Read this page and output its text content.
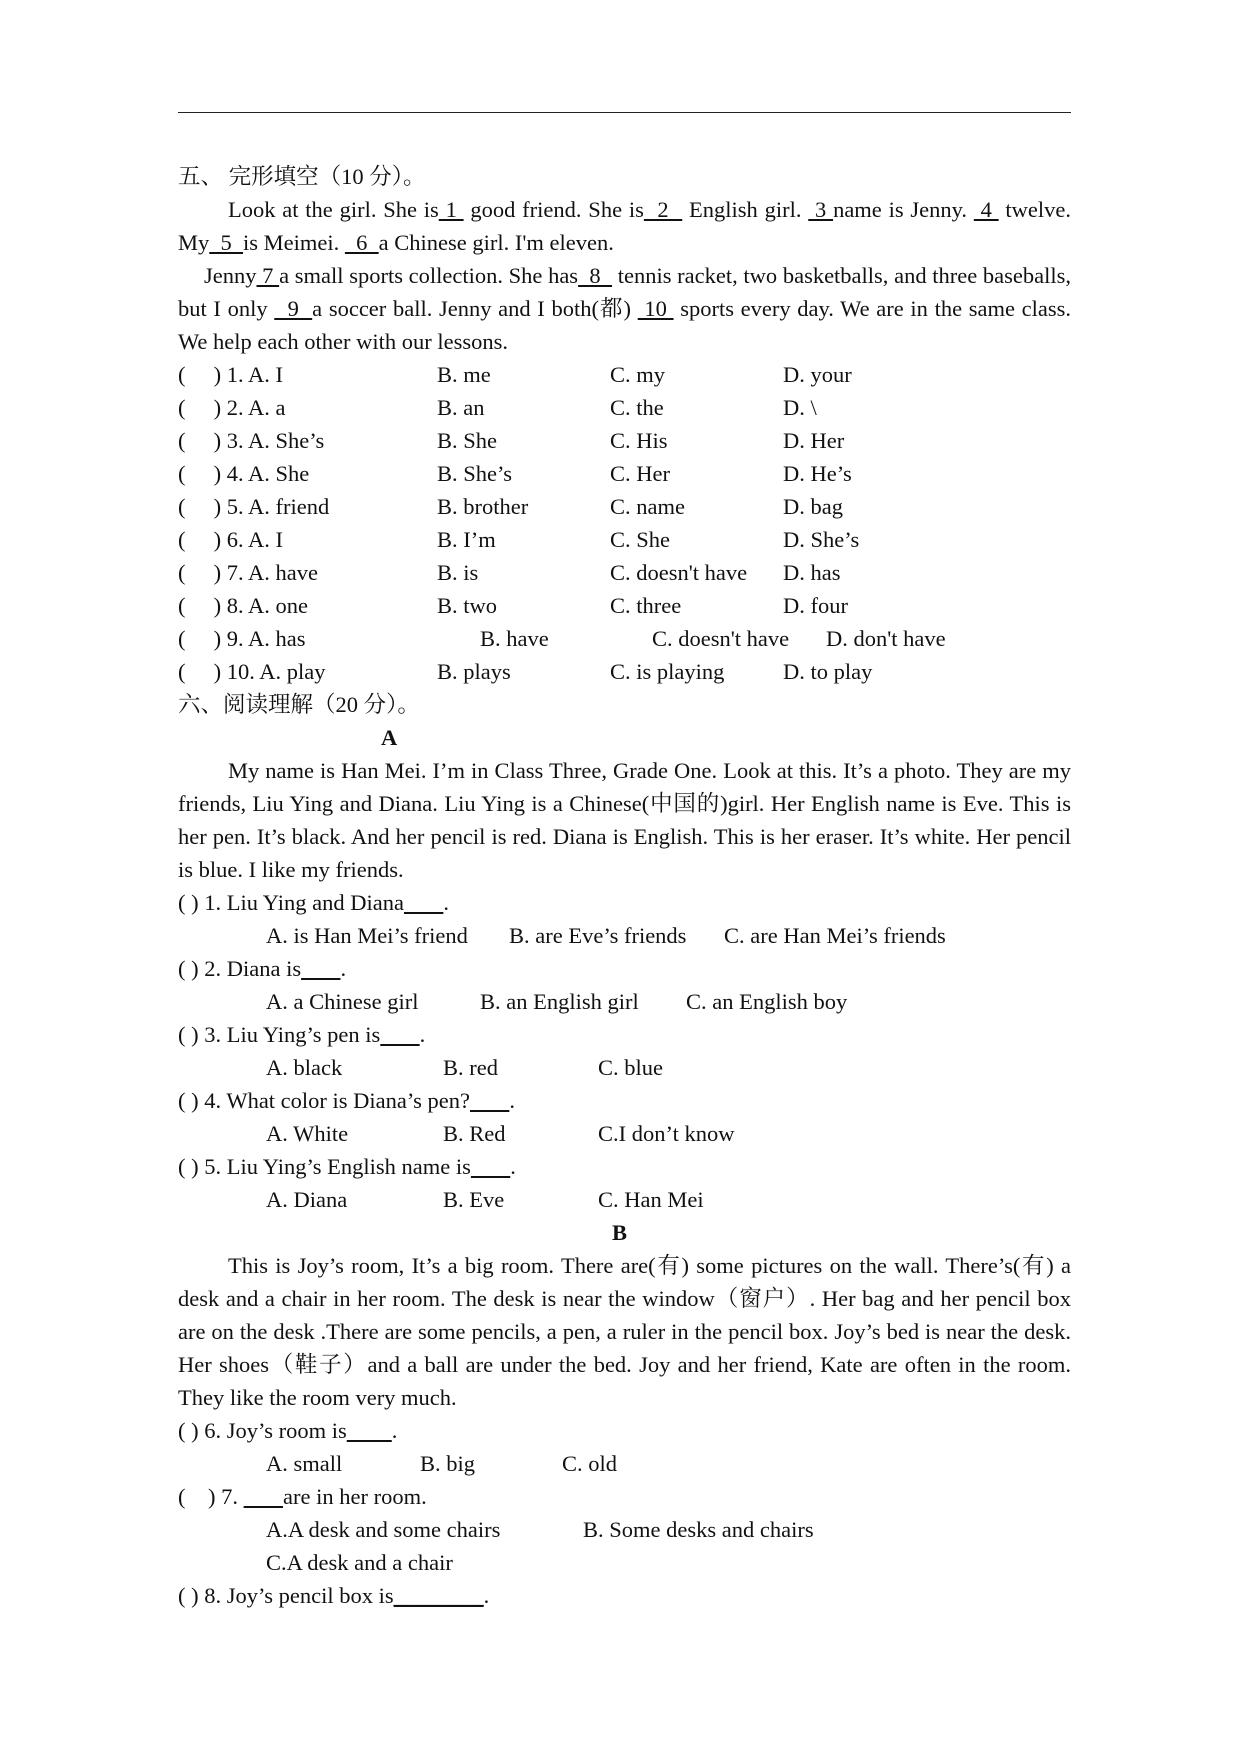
五、 完形填空（10 分）。
Look at the girl. She is 1  good friend. She is  2   English girl.  3 name is Jenny.  4  twelve. My  5  is Meimei.   6  a Chinese girl. I'm eleven.
Jenny 7 a small sports collection. She has  8   tennis racket, two basketballs, and three baseballs, but I only   9  a soccer ball. Jenny and I both(都)  10  sports every day. We are in the same class. We help each other with our lessons.
(     ) 1. A. I	B. me	C. my	D. your
(     ) 2. A. a	B. an	C. the	D. \
(     ) 3. A. She’s	B. She	C. His	D. Her
(     ) 4. A. She	B. She’s	C. Her	D. He’s
(     ) 5. A. friend	B. brother	C. name	D. bag
(     ) 6. A. I	B. I’m	C. She	D. She’s
(     ) 7. A. have	B. is	C. doesn't have D. has
(     ) 8. A. one	B. two	C. three	D. four
(     ) 9. A. has	B. have	C. doesn't have D. don't have
(     ) 10. A. play	B. plays	C. is playing	D. to play
六、阅读理解（20 分）。
A
My name is Han Mei. I’m in Class Three, Grade One. Look at this. It’s a photo. They are my friends, Liu Ying and Diana. Liu Ying is a Chinese(中国的)girl. Her English name is Eve. This is her pen. It’s black. And her pencil is red. Diana is English. This is her eraser. It’s white. Her pencil is blue. I like my friends.
( ) 1. Liu Ying and Diana .
A. is Han Mei’s friend B. are Eve’s friends C. are Han Mei’s friends
( ) 2. Diana is .
A. a Chinese girl	B. an English girl C. an English boy
( ) 3. Liu Ying’s pen is .
A. black	B. red	C. blue
( ) 4. What color is Diana’s pen? .
A. White	B. Red	C.I don’t know
( ) 5. Liu Ying’s English name is .
A. Diana	B. Eve	C. Han Mei
B
This is Joy’s room, It’s a big room. There are(有) some pictures on the wall. There’s(有) a desk and a chair in her room. The desk is near the window（窗户）. Her bag and her pencil box are on the desk .There are some pencils, a pen, a ruler in the pencil box. Joy’s bed is near the desk. Her shoes（鞋子）and a ball are under the bed. Joy and her friend, Kate are often in the room. They like the room very much.
( ) 6. Joy’s room is .
A. small	B. big	C. old
(    ) 7.        are in her room.
A.A desk and some chairs	B. Some desks and chairs
C.A desk and a chair
( ) 8. Joy’s pencil box is________.
